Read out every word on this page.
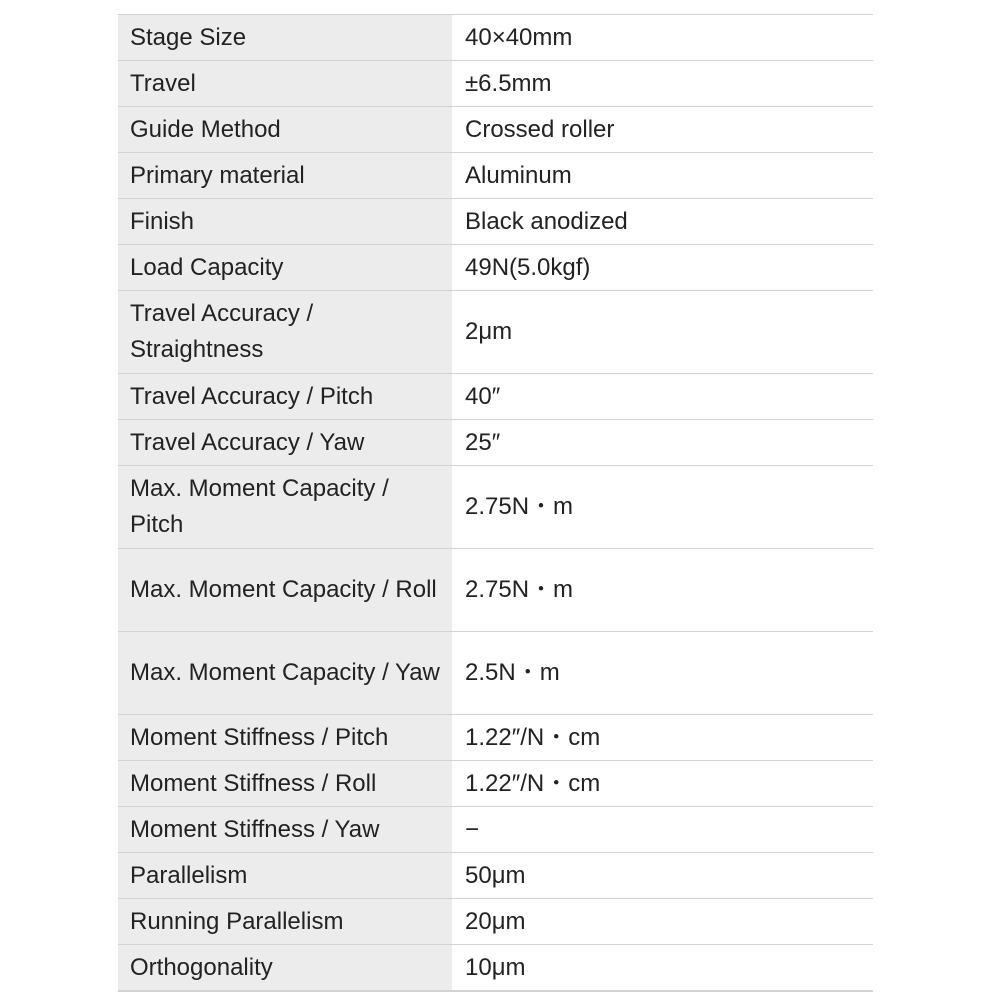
Stage Size	40×40mm
Travel	±6.5mm
Guide Method	Crossed roller
Primary material	Aluminum
Finish	Black anodized
Load Capacity	49N(5.0kgf)
Travel Accuracy / Straightness	2μm
Travel Accuracy / Pitch	40″
Travel Accuracy / Yaw	25″
Max. Moment Capacity / Pitch	2.75N・m
Max. Moment Capacity / Roll	2.75N・m
Max. Moment Capacity / Yaw	2.5N・m
Moment Stiffness / Pitch	1.22″/N・cm
Moment Stiffness / Roll	1.22″/N・cm
Moment Stiffness / Yaw	−
Parallelism	50μm
Running Parallelism	20μm
Orthogonality	10μm
